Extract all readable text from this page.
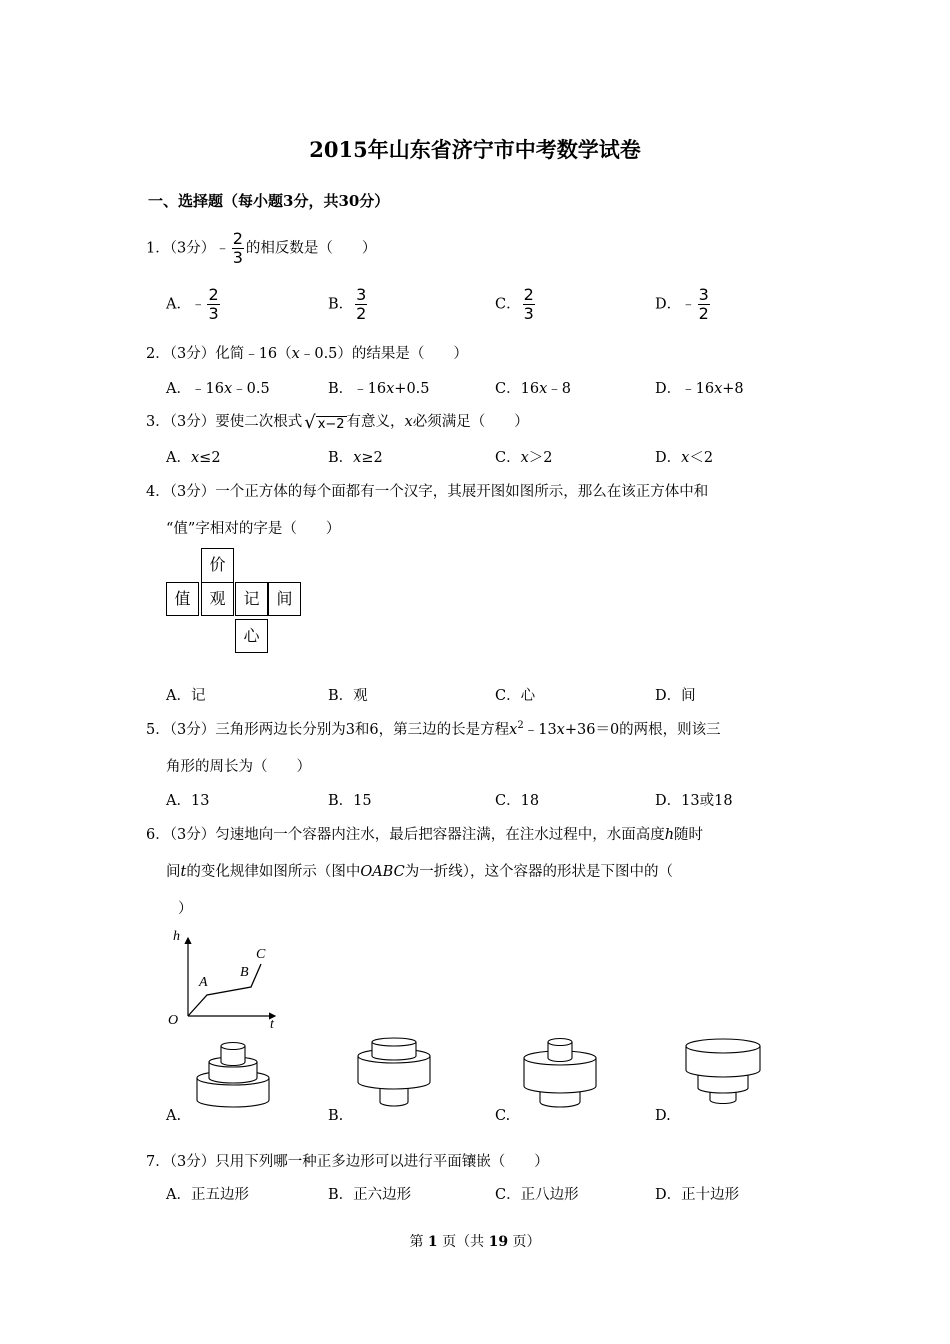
2015年山东省济宁市中考数学试卷
一、选择题（每小题3分，共30分）
1．（3分）﹣ $\frac{2}{3}$ 的相反数是（　　）
A．﹣ $\frac{2}{3}$	B． $\frac{3}{2}$	C． $\frac{2}{3}$	D．﹣ $\frac{3}{2}$
2．（3分）化简﹣16（x﹣0.5）的结果是（　　）
A．﹣16x﹣0.5	B．﹣16x+0.5	C．16x﹣8	D．﹣16x+8
3．（3分）要使二次根式 √ x−2 有意义，x必须满足（　　）
A．x≤2	B．x≥2	C．x＞2	D．x＜2
4．（3分）一个正方体的每个面都有一个汉字，其展开图如图所示，那么在该正方体中和
“值”字相对的字是（　　）
价
值	观	记	间
心
A．记	B．观	C．心	D．间
5．（3分）三角形两边长分别为3和6，第三边的长是方程$x^2﹣13x+36=0$的两根，则该三
角形的周长为（　　）
A．13	B．15	C．18	D．13或18
6．（3分）匀速地向一个容器内注水，最后把容器注满，在注水过程中，水面高度h随时
间t的变化规律如图所示（图中OABC为一折线），这个容器的形状是下图中的（
）
h
t
O
A
B
C
A.	B.	C.	D.
7．（3分）只用下列哪一种正多边形可以进行平面镶嵌（　　）
A．正五边形	B．正六边形	C．正八边形	D．正十边形
第 1 页（共 19 页）
